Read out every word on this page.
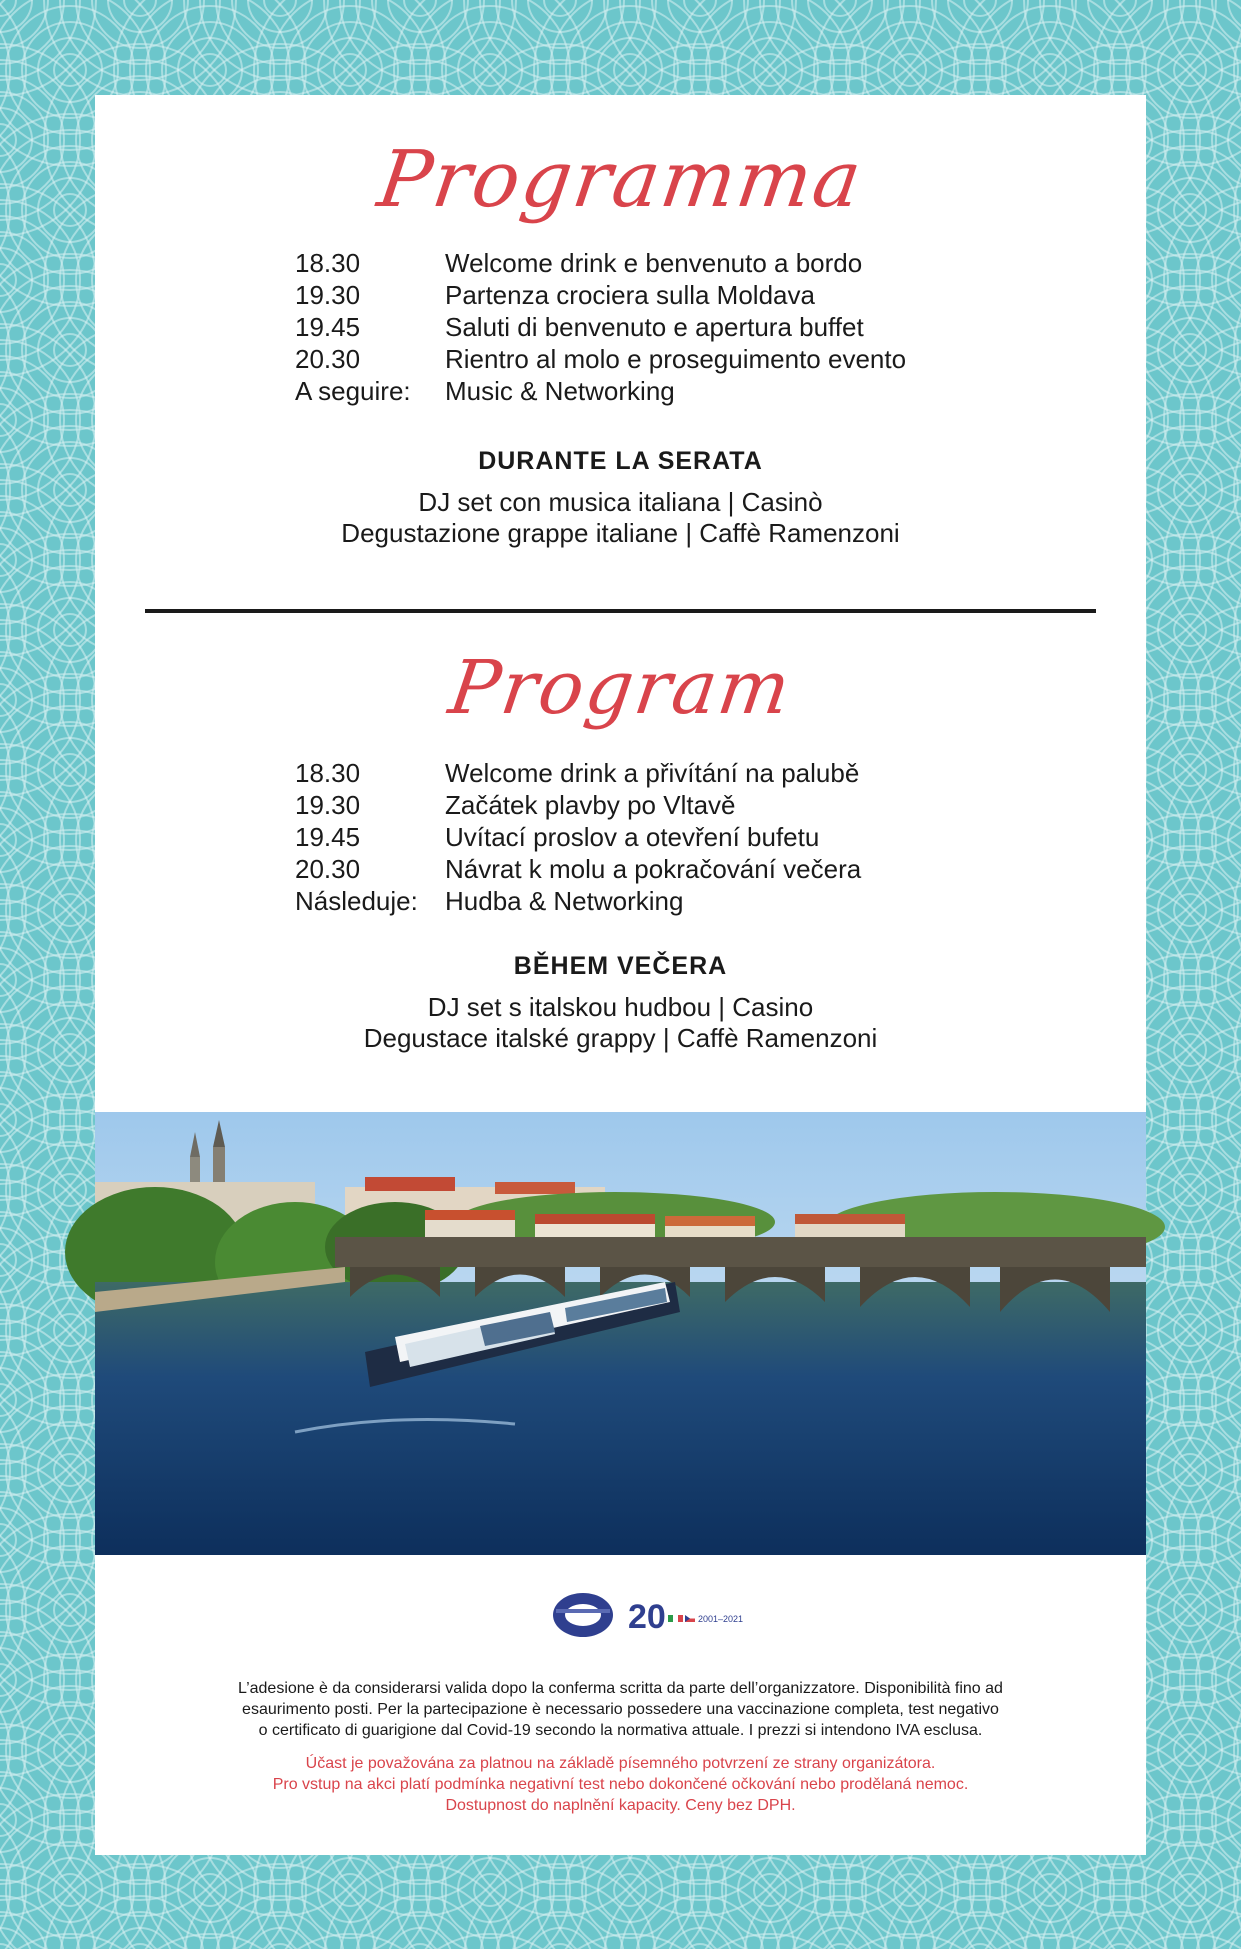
Programma
18.30	Welcome drink e benvenuto a bordo
19.30	Partenza crociera sulla Moldava
19.45	Saluti di benvenuto e apertura buffet
20.30	Rientro al molo e proseguimento evento
A seguire:	Music & Networking
DURANTE LA SERATA
DJ set con musica italiana | Casinò
Degustazione grappe italiane | Caffè Ramenzoni
Program
18.30	Welcome drink a přivítání na palubě
19.30	Začátek plavby po Vltavě
19.45	Uvítací proslov a otevření bufetu
20.30	Návrat k molu a pokračování večera
Následuje:	Hudba & Networking
BĚHEM VEČERA
DJ set s italskou hudbou | Casino
Degustace italské grappy | Caffè Ramenzoni
20	2001–2021
L’adesione è da considerarsi valida dopo la conferma scritta da parte dell’organizzatore. Disponibilità fino ad
esaurimento posti. Per la partecipazione è necessario possedere una vaccinazione completa, test negativo
o certificato di guarigione dal Covid-19 secondo la normativa attuale. I prezzi si intendono IVA esclusa.
Účast je považována za platnou na základě písemného potvrzení ze strany organizátora.
Pro vstup na akci platí podmínka negativní test nebo dokončené očkování nebo prodělaná nemoc.
Dostupnost do naplnění kapacity. Ceny bez DPH.
